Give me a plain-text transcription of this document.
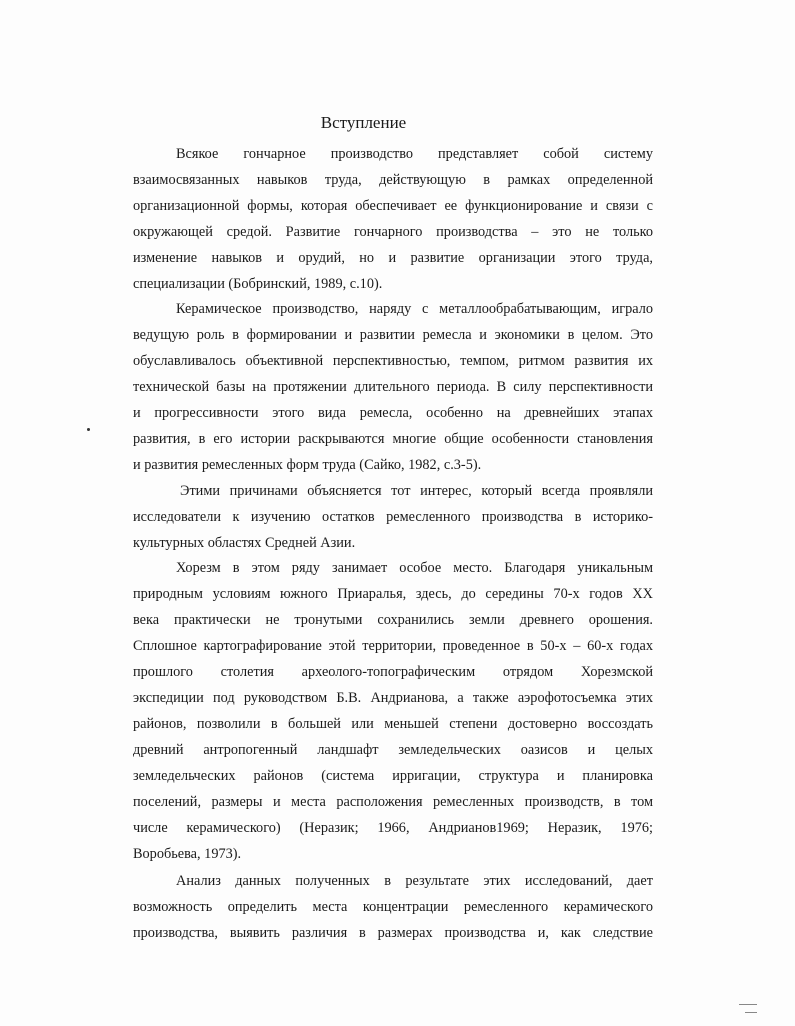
Вступление
Всякое гончарное производство представляет собой систему
взаимосвязанных навыков труда, действующую в рамках определенной
организационной формы, которая обеспечивает ее функционирование и связи с
окружающей средой. Развитие гончарного производства – это не только
изменение навыков и орудий, но и развитие организации этого труда,
специализации (Бобринский, 1989, с.10).
Керамическое производство, наряду с металлообрабатывающим, играло
ведущую роль в формировании и развитии ремесла и экономики в целом. Это
обуславливалось объективной перспективностью, темпом, ритмом развития их
технической базы на протяжении длительного периода. В силу перспективности
и прогрессивности этого вида ремесла, особенно на древнейших этапах
развития, в его истории раскрываются многие общие особенности становления
и развития ремесленных форм труда (Сайко, 1982, с.3-5).
Этими причинами объясняется тот интерес, который всегда проявляли
исследователи к изучению остатков ремесленного производства в историко-
культурных областях Средней Азии.
Хорезм в этом ряду занимает особое место. Благодаря уникальным
природным условиям южного Приаралья, здесь, до середины 70-х годов XX
века практически не тронутыми сохранились земли древнего орошения.
Сплошное картографирование этой территории, проведенное в 50-х – 60-х годах
прошлого столетия археолого-топографическим отрядом Хорезмской
экспедиции под руководством Б.В. Андрианова, а также аэрофотосъемка этих
районов, позволили в большей или меньшей степени достоверно воссоздать
древний антропогенный ландшафт земледельческих оазисов и целых
земледельческих районов (система ирригации, структура и планировка
поселений, размеры и места расположения ремесленных производств, в том
числе керамического) (Неразик; 1966, Андрианов1969; Неразик, 1976;
Воробьева, 1973).
Анализ данных полученных в результате этих исследований, дает
возможность определить места концентрации ремесленного керамического
производства, выявить различия в размерах производства и, как следствие
